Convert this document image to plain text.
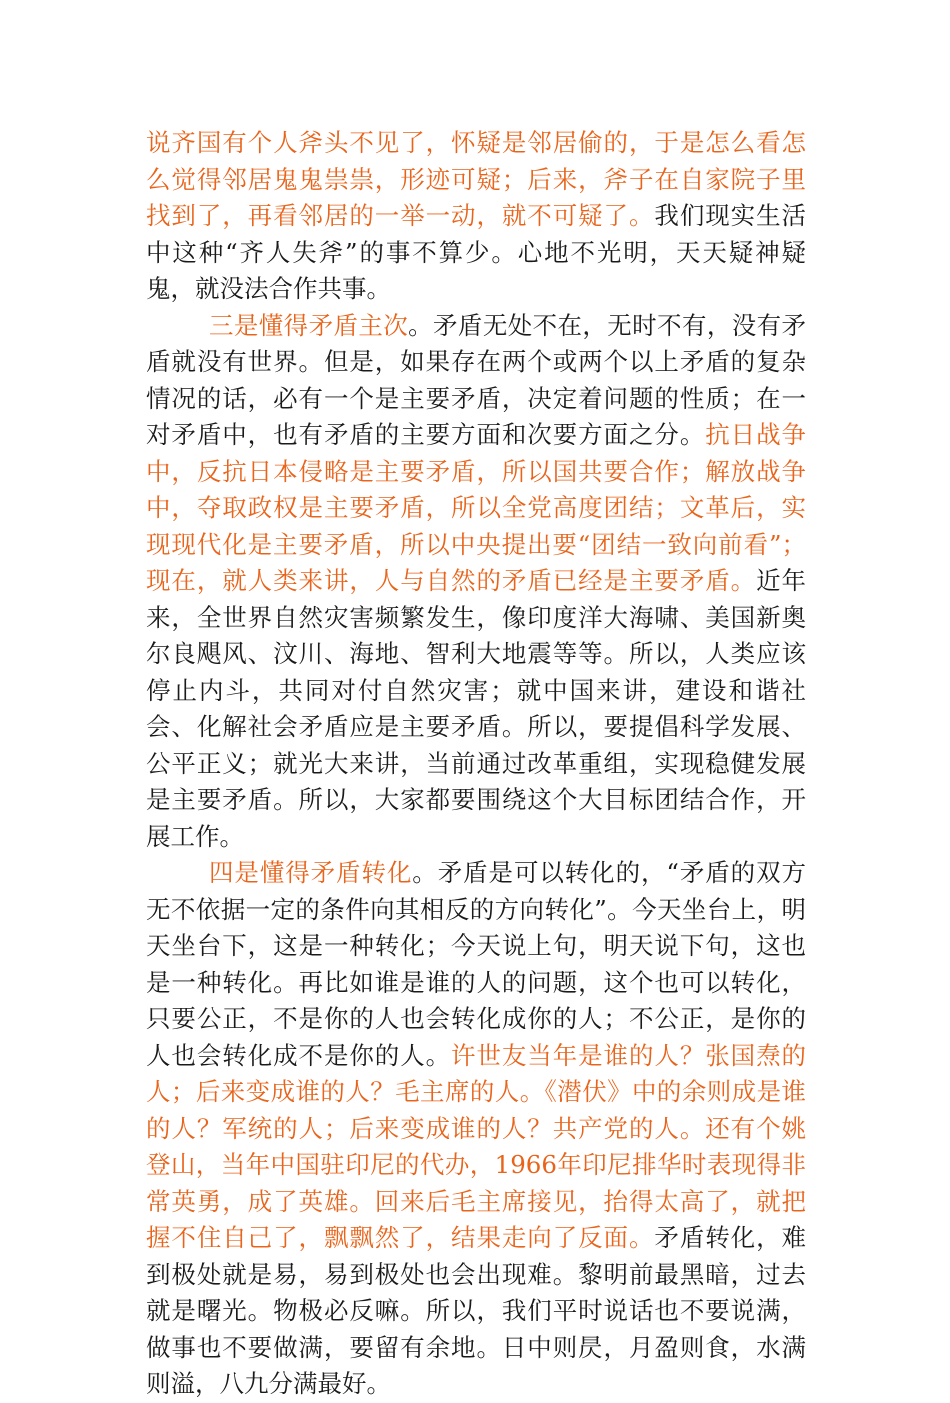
说齐国有个人斧头不见了，怀疑是邻居偷的，于是怎么看怎么觉得邻居鬼鬼祟祟，形迹可疑；后来，斧子在自家院子里找到了，再看邻居的一举一动，就不可疑了。我们现实生活中这种“齐人失斧”的事不算少。心地不光明，天天疑神疑鬼，就没法合作共事。

三是懂得矛盾主次。矛盾无处不在，无时不有，没有矛盾就没有世界。但是，如果存在两个或两个以上矛盾的复杂情况的话，必有一个是主要矛盾，决定着问题的性质；在一对矛盾中，也有矛盾的主要方面和次要方面之分。抗日战争中，反抗日本侵略是主要矛盾，所以国共要合作；解放战争中，夺取政权是主要矛盾，所以全党高度团结；文革后，实现现代化是主要矛盾，所以中央提出要“团结一致向前看”；现在，就人类来讲，人与自然的矛盾已经是主要矛盾。近年来，全世界自然灾害频繁发生，像印度洋大海啸、美国新奥尔良飓风、汶川、海地、智利大地震等等。所以，人类应该停止内斗，共同对付自然灾害；就中国来讲，建设和谐社会、化解社会矛盾应是主要矛盾。所以，要提倡科学发展、公平正义；就光大来讲，当前通过改革重组，实现稳健发展是主要矛盾。所以，大家都要围绕这个大目标团结合作，开展工作。

四是懂得矛盾转化。矛盾是可以转化的，“矛盾的双方无不依据一定的条件向其相反的方向转化”。今天坐台上，明天坐台下，这是一种转化；今天说上句，明天说下句，这也是一种转化。再比如谁是谁的人的问题，这个也可以转化，只要公正，不是你的人也会转化成你的人；不公正，是你的人也会转化成不是你的人。许世友当年是谁的人？张国焘的人；后来变成谁的人？毛主席的人。《潜伏》中的余则成是谁的人？军统的人；后来变成谁的人？共产党的人。还有个姚登山，当年中国驻印尼的代办，1966年印尼排华时表现得非常英勇，成了英雄。回来后毛主席接见，抬得太高了，就把握不住自己了，飘飘然了，结果走向了反面。矛盾转化，难到极处就是易，易到极处也会出现难。黎明前最黑暗，过去就是曙光。物极必反嘛。所以，我们平时说话也不要说满，做事也不要做满，要留有余地。日中则昃，月盈则食，水满则溢，八九分满最好。
